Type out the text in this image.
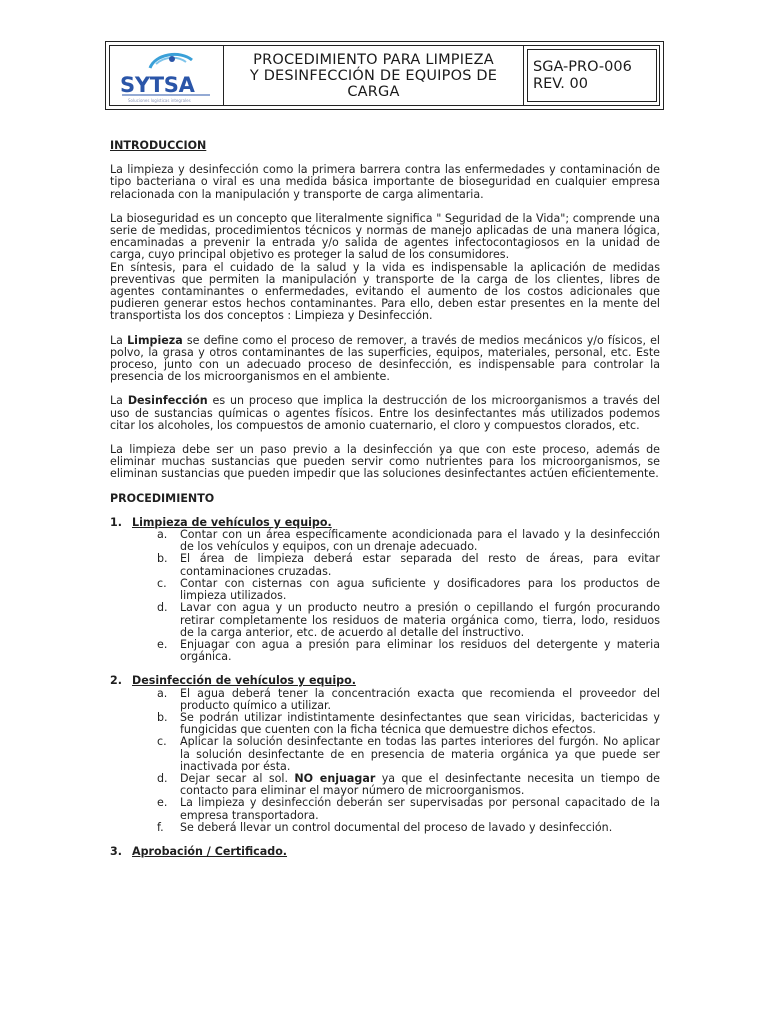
SYTSA
Soluciones logísticas integrales
PROCEDIMIENTO PARA LIMPIEZA
Y DESINFECCIÓN DE EQUIPOS DE
CARGA
SGA-PRO-006
REV. 00

INTRODUCCION

La limpieza y desinfección como la primera barrera contra las enfermedades y contaminación de tipo bacteriana o viral es una medida básica importante de bioseguridad en cualquier empresa relacionada con la manipulación y transporte de carga alimentaria.

La bioseguridad es un concepto que literalmente significa " Seguridad de la Vida"; comprende una serie de medidas, procedimientos técnicos y normas de manejo aplicadas de una manera lógica, encaminadas a prevenir la entrada y/o salida de agentes infectocontagiosos en la unidad de carga, cuyo principal objetivo es proteger la salud de los consumidores.

En síntesis, para el cuidado de la salud y la vida es indispensable la aplicación de medidas preventivas que permiten la manipulación y transporte de la carga de los clientes, libres de agentes contaminantes o enfermedades, evitando el aumento de los costos adicionales que pudieren generar estos hechos contaminantes. Para ello, deben estar presentes en la mente del transportista los dos conceptos : Limpieza y Desinfección.

La Limpieza se define como el proceso de remover, a través de medios mecánicos y/o físicos, el polvo, la grasa y otros contaminantes de las superficies, equipos, materiales, personal, etc. Este proceso, junto con un adecuado proceso de desinfección, es indispensable para controlar la presencia de los microorganismos en el ambiente.

La Desinfección es un proceso que implica la destrucción de los microorganismos a través del uso de sustancias químicas o agentes físicos. Entre los desinfectantes más utilizados podemos citar los alcoholes, los compuestos de amonio cuaternario, el cloro y compuestos clorados, etc.

La limpieza debe ser un paso previo a la desinfección ya que con este proceso, además de eliminar muchas sustancias que pueden servir como nutrientes para los microorganismos, se eliminan sustancias que pueden impedir que las soluciones desinfectantes actúen eficientemente.

PROCEDIMIENTO

1. Limpieza de vehículos y equipo.

a. Contar con un área específicamente acondicionada para el lavado y la desinfección de los vehículos y equipos, con un drenaje adecuado.
b. El área de limpieza deberá estar separada del resto de áreas, para evitar contaminaciones cruzadas.
c. Contar con cisternas con agua suficiente y dosificadores para los productos de limpieza utilizados.
d. Lavar con agua y un producto neutro a presión o cepillando el furgón procurando retirar completamente los residuos de materia orgánica como, tierra, lodo, residuos de la carga anterior, etc. de acuerdo al detalle del instructivo.
e. Enjuagar con agua a presión para eliminar los residuos del detergente y materia orgánica.

2. Desinfección de vehículos y equipo.

a. El agua deberá tener la concentración exacta que recomienda el proveedor del producto químico a utilizar.
b. Se podrán utilizar indistintamente desinfectantes que sean viricidas, bactericidas y fungicidas que cuenten con la ficha técnica que demuestre dichos efectos.
c. Aplicar la solución desinfectante en todas las partes interiores del furgón. No aplicar la solución desinfectante de en presencia de materia orgánica ya que puede ser inactivada por ésta.
d. Dejar secar al sol. NO enjuagar ya que el desinfectante necesita un tiempo de contacto para eliminar el mayor número de microorganismos.
e. La limpieza y desinfección deberán ser supervisadas por personal capacitado de la empresa transportadora.
f. Se deberá llevar un control documental del proceso de lavado y desinfección.

3. Aprobación / Certificado.
